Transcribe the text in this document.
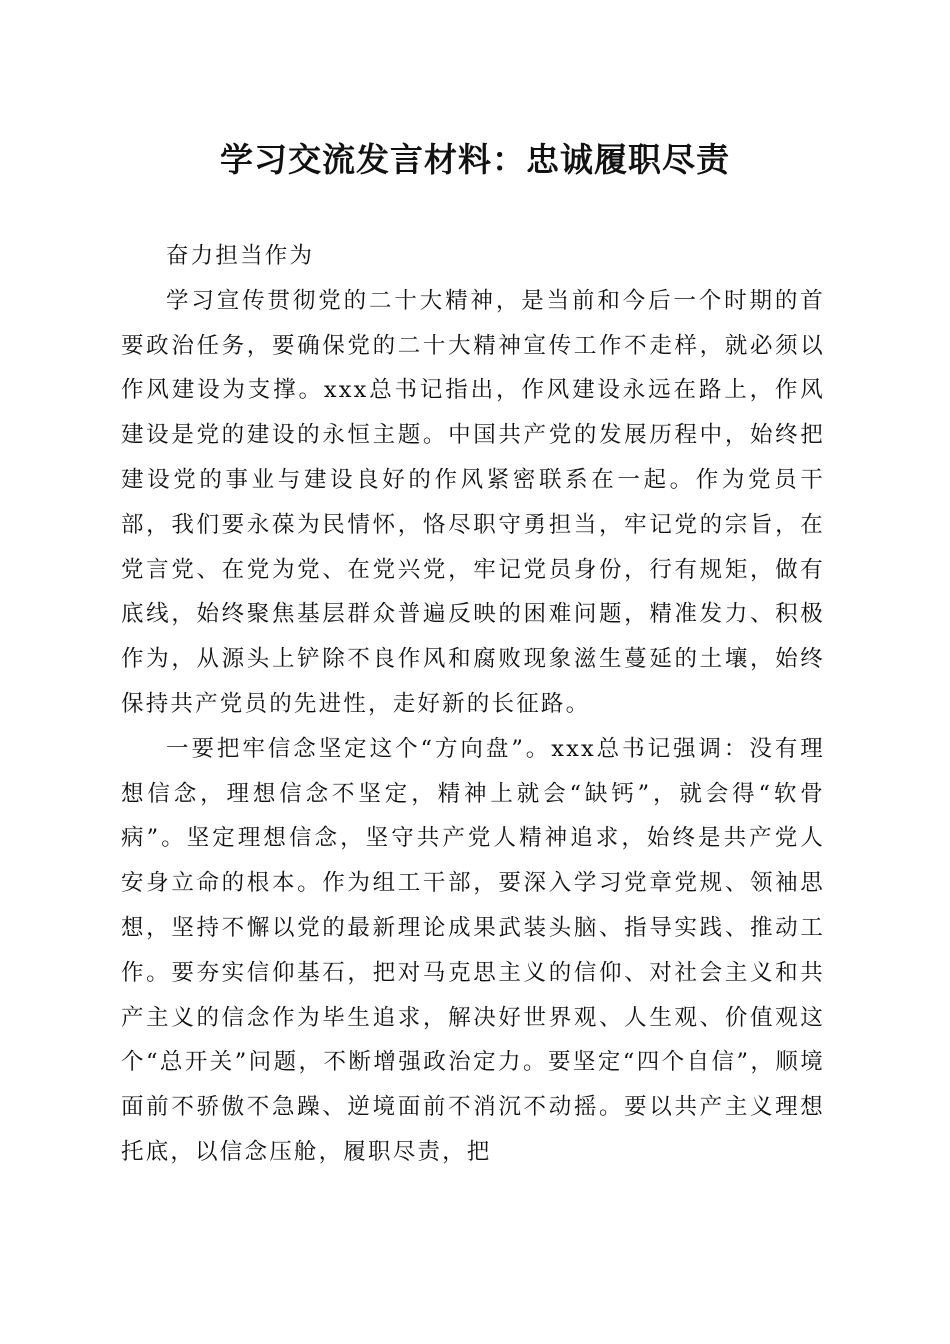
学习交流发言材料：忠诚履职尽责

奋力担当作为

学习宣传贯彻党的二十大精神，是当前和今后一个时期的首要政治任务，要确保党的二十大精神宣传工作不走样，就必须以作风建设为支撑。xxx总书记指出，作风建设永远在路上，作风建设是党的建设的永恒主题。中国共产党的发展历程中，始终把建设党的事业与建设良好的作风紧密联系在一起。作为党员干部，我们要永葆为民情怀，恪尽职守勇担当，牢记党的宗旨，在党言党、在党为党、在党兴党，牢记党员身份，行有规矩，做有底线，始终聚焦基层群众普遍反映的困难问题，精准发力、积极作为，从源头上铲除不良作风和腐败现象滋生蔓延的土壤，始终保持共产党员的先进性，走好新的长征路。

一要把牢信念坚定这个“方向盘”。xxx总书记强调：没有理想信念，理想信念不坚定，精神上就会“缺钙”，就会得“软骨病”。坚定理想信念，坚守共产党人精神追求，始终是共产党人安身立命的根本。作为组工干部，要深入学习党章党规、领袖思想，坚持不懈以党的最新理论成果武装头脑、指导实践、推动工作。要夯实信仰基石，把对马克思主义的信仰、对社会主义和共产主义的信念作为毕生追求，解决好世界观、人生观、价值观这个“总开关”问题，不断增强政治定力。要坚定“四个自信”，顺境面前不骄傲不急躁、逆境面前不消沉不动摇。要以共产主义理想托底，以信念压舱，履职尽责，把
